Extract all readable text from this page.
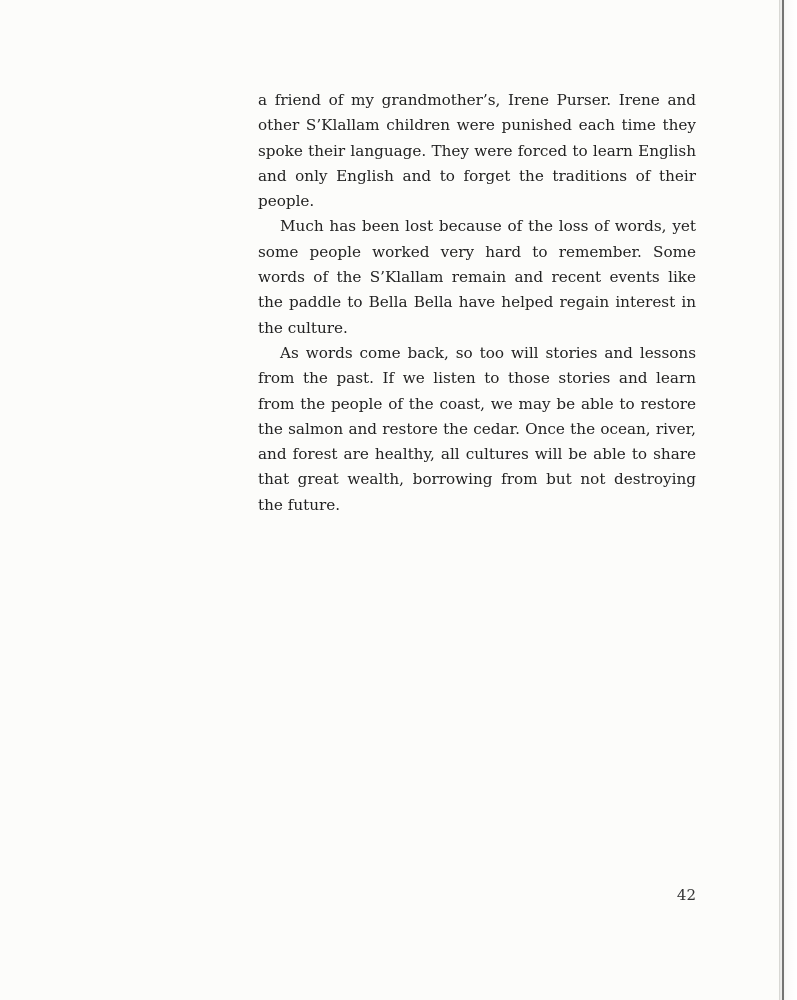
a friend of my grandmother’s, Irene Purser. Irene and other S’Klallam children were punished each time they spoke their language. They were forced to learn English and only English and to forget the traditions of their people.

Much has been lost because of the loss of words, yet some people worked very hard to remember. Some words of the S’Klallam remain and recent events like the paddle to Bella Bella have helped regain interest in the culture.

As words come back, so too will stories and lessons from the past. If we listen to those stories and learn from the people of the coast, we may be able to restore the salmon and restore the cedar. Once the ocean, river, and forest are healthy, all cultures will be able to share that great wealth, borrowing from but not destroying the future.

42
